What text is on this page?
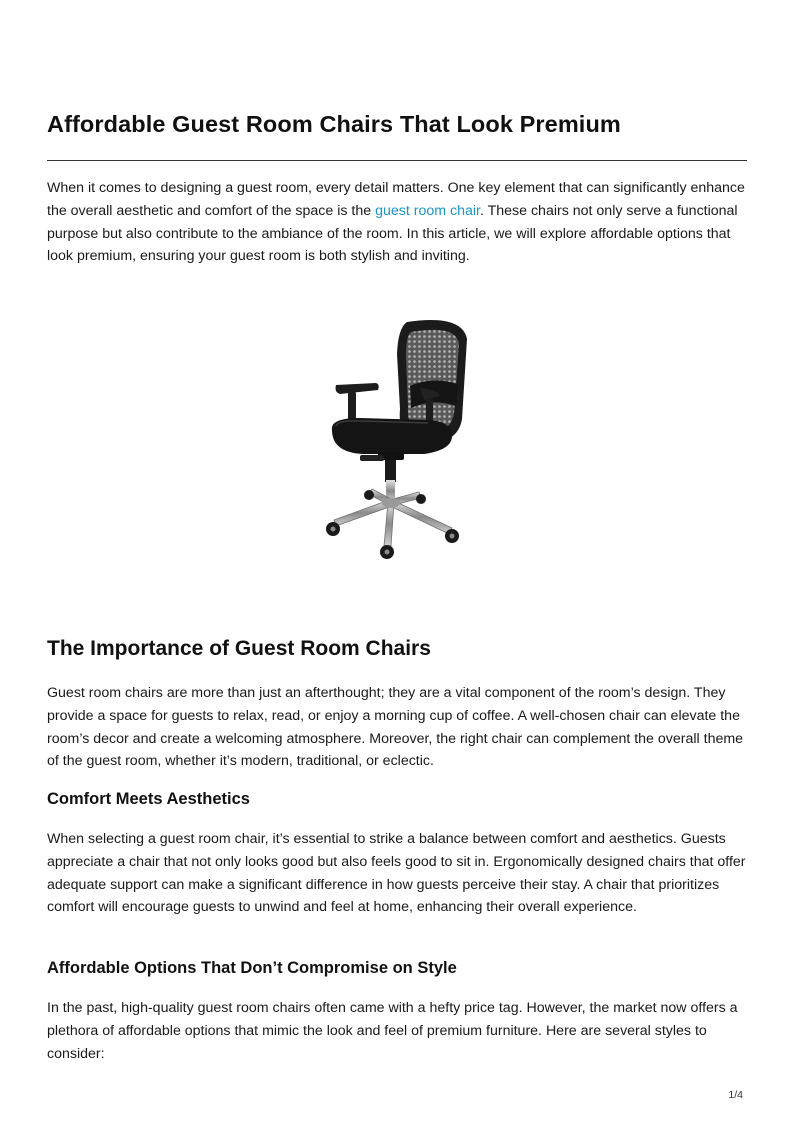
Affordable Guest Room Chairs That Look Premium

When it comes to designing a guest room, every detail matters. One key element that can significantly enhance the overall aesthetic and comfort of the space is the guest room chair. These chairs not only serve a functional purpose but also contribute to the ambiance of the room. In this article, we will explore affordable options that look premium, ensuring your guest room is both stylish and inviting.

The Importance of Guest Room Chairs

Guest room chairs are more than just an afterthought; they are a vital component of the room’s design. They provide a space for guests to relax, read, or enjoy a morning cup of coffee. A well-chosen chair can elevate the room’s decor and create a welcoming atmosphere. Moreover, the right chair can complement the overall theme of the guest room, whether it’s modern, traditional, or eclectic.

Comfort Meets Aesthetics

When selecting a guest room chair, it’s essential to strike a balance between comfort and aesthetics. Guests appreciate a chair that not only looks good but also feels good to sit in. Ergonomically designed chairs that offer adequate support can make a significant difference in how guests perceive their stay. A chair that prioritizes comfort will encourage guests to unwind and feel at home, enhancing their overall experience.

Affordable Options That Don’t Compromise on Style

In the past, high-quality guest room chairs often came with a hefty price tag. However, the market now offers a plethora of affordable options that mimic the look and feel of premium furniture. Here are several styles to consider:

1/4
